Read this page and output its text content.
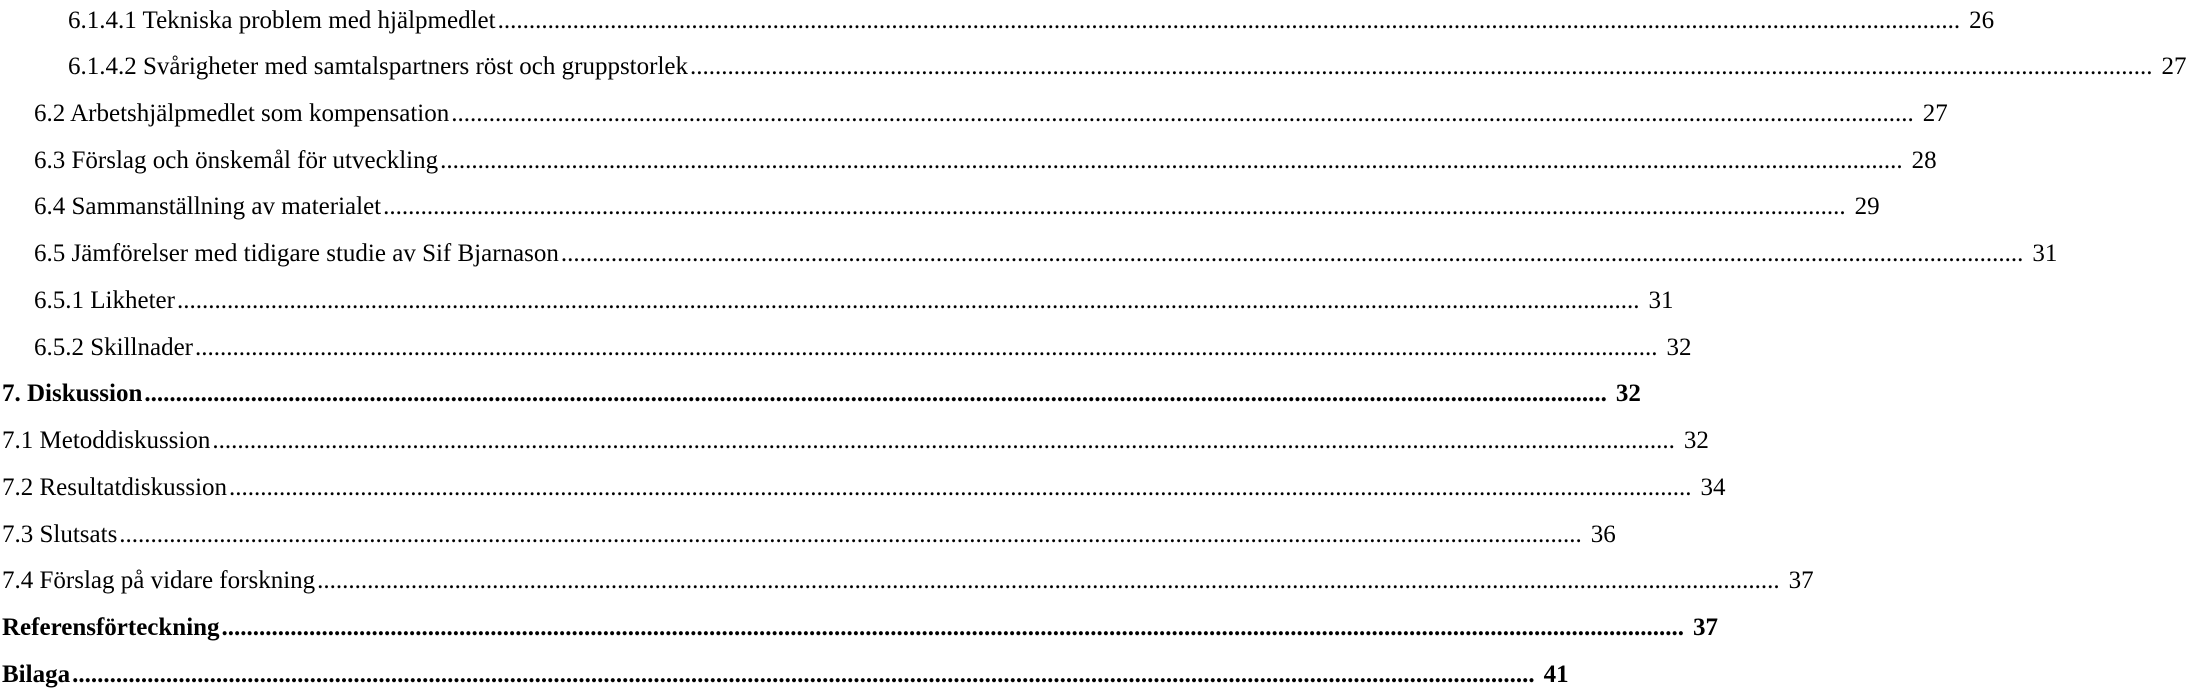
6.1.4.1 Tekniska problem med hjälpmedlet .......................................................................................................................................................................................................................................... 26
6.1.4.2 Svårigheter med samtalspartners röst och gruppstorlek .......................................................................................................................................................................................................................................... 27
6.2 Arbetshjälpmedlet som kompensation .......................................................................................................................................................................................................................................... 27
6.3 Förslag och önskemål för utveckling .......................................................................................................................................................................................................................................... 28
6.4 Sammanställning av materialet .......................................................................................................................................................................................................................................... 29
6.5 Jämförelser med tidigare studie av Sif Bjarnason .......................................................................................................................................................................................................................................... 31
6.5.1 Likheter .......................................................................................................................................................................................................................................... 31
6.5.2 Skillnader .......................................................................................................................................................................................................................................... 32
7. Diskussion .......................................................................................................................................................................................................................................... 32
7.1 Metoddiskussion .......................................................................................................................................................................................................................................... 32
7.2 Resultatdiskussion .......................................................................................................................................................................................................................................... 34
7.3 Slutsats .......................................................................................................................................................................................................................................... 36
7.4 Förslag på vidare forskning .......................................................................................................................................................................................................................................... 37
Referensförteckning .......................................................................................................................................................................................................................................... 37
Bilaga .......................................................................................................................................................................................................................................... 41
